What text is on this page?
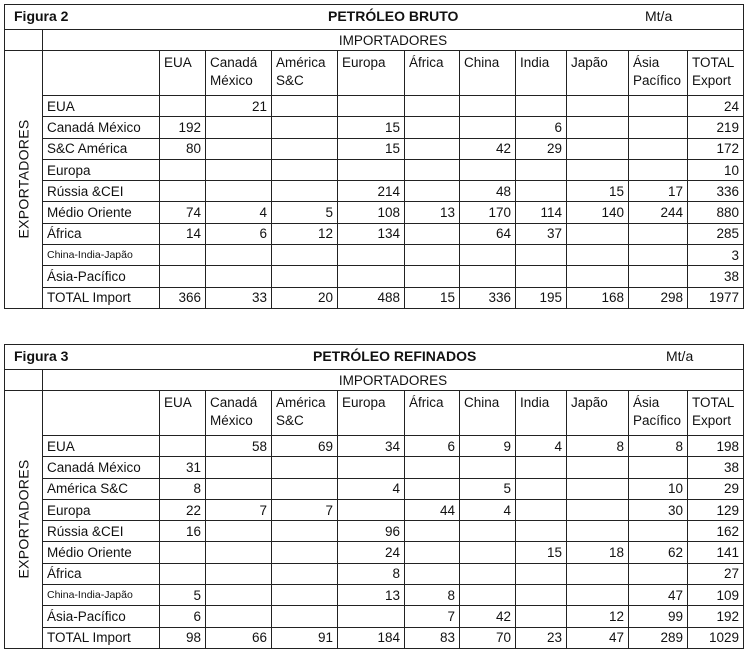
Figura 2 PETRÓLEO BRUTO Mt/a											

	IMPORTADORES										

EXPORTADORES		EUA	Canadá
México	América
S&C	Europa	África	China	India	Japão	Ásia
Pacífico	TOTAL
Export

	EUA		21								24
	Canadá México	192			15			6			219
	S&C América	80			15		42	29			172
	Europa										10
	Rússia &CEI				214		48		15	17	336
	Médio Oriente	74	4	5	108	13	170	114	140	244	880
	África	14	6	12	134		64	37			285
	China-India-Japão										3
	Ásia-Pacífico										38
	TOTAL Import	366	33	20	488	15	336	195	168	298	1977
Figura 3 PETRÓLEO REFINADOS Mt/a											

	IMPORTADORES										

EXPORTADORES		EUA	Canadá
México	América
S&C	Europa	África	China	India	Japão	Ásia
Pacífico	TOTAL
Export

	EUA		58	69	34	6	9	4	8	8	198
	Canadá México	31									38
	América S&C	8			4		5			10	29
	Europa	22	7	7		44	4			30	129
	Rússia &CEI	16			96						162
	Médio Oriente				24			15	18	62	141
	África				8						27
	China-India-Japão	5			13	8				47	109
	Ásia-Pacífico	6				7	42		12	99	192
	TOTAL Import	98	66	91	184	83	70	23	47	289	1029
